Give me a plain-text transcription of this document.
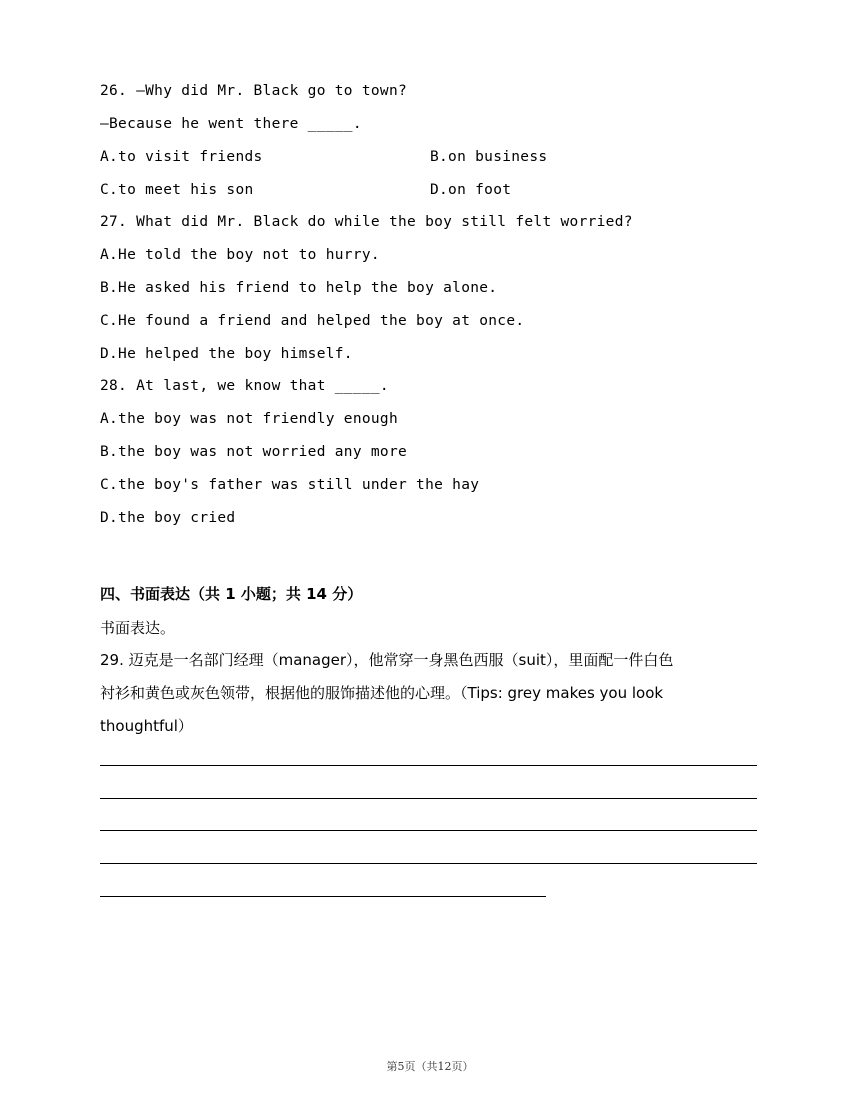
26. —Why did Mr. Black go to town?
—Because he went there _____.
A.to visit friends	B.on business
C.to meet his son	D.on foot
27. What did Mr. Black do while the boy still felt worried?
A.He told the boy not to hurry.
B.He asked his friend to help the boy alone.
C.He found a friend and helped the boy at once.
D.He helped the boy himself.
28. At last, we know that _____.
A.the boy was not friendly enough
B.the boy was not worried any more
C.the boy's father was still under the hay
D.the boy cried
四、书面表达（共 1 小题；共 14 分）
书面表达。
29. 迈克是一名部门经理（manager），他常穿一身黑色西服（suit），里面配一件白色
衬衫和黄色或灰色领带，根据他的服饰描述他的心理。（Tips: grey makes you look
thoughtful）
第5页（共12页）
